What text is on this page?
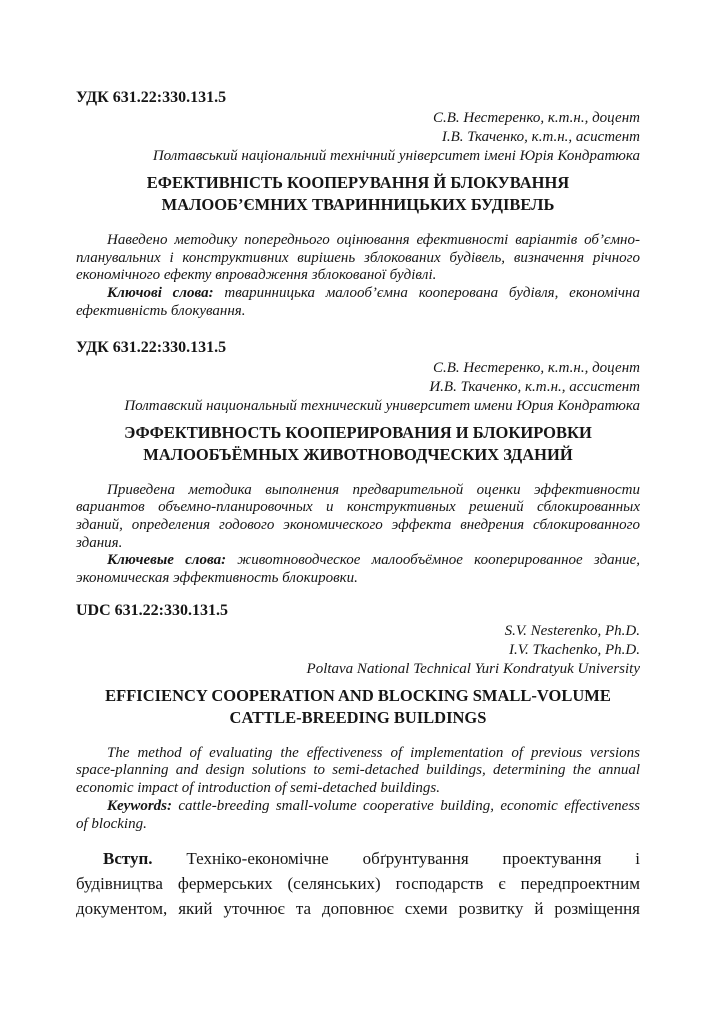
УДК 631.22:330.131.5
С.В. Нестеренко, к.т.н., доцент
І.В. Ткаченко, к.т.н., асистент
Полтавський національний технічний університет імені Юрія Кондратюка
ЕФЕКТИВНІСТЬ КООПЕРУВАННЯ Й БЛОКУВАННЯ
МАЛООБ’ЄМНИХ ТВАРИННИЦЬКИХ БУДІВЕЛЬ
Наведено методику попереднього оцінювання ефективності варіантів об’ємно-
планувальних і конструктивних вирішень зблокованих будівель, визначення річного
економічного ефекту впровадження зблокованої будівлі.
Ключові слова: тваринницька малооб’ємна кооперована будівля, економічна
ефективність блокування.
УДК 631.22:330.131.5
С.В. Нестеренко, к.т.н., доцент
И.В. Ткаченко, к.т.н., ассистент
Полтавский национальный технический университет имени Юрия Кондратюка
ЭФФЕКТИВНОСТЬ КООПЕРИРОВАНИЯ И БЛОКИРОВКИ
МАЛООБЪЁМНЫХ ЖИВОТНОВОДЧЕСКИХ ЗДАНИЙ
Приведена методика выполнения предварительной оценки эффективности
вариантов объемно-планировочных и конструктивных решений сблокированных
зданий, определения годового экономического эффекта внедрения сблокированного
здания.
Ключевые слова: животноводческое малообъёмное кооперированное здание,
экономическая эффективность блокировки.
UDC 631.22:330.131.5
S.V. Nesterenko, Ph.D.
I.V. Tkachenko, Ph.D.
Poltava National Technical Yuri Kondratyuk University
EFFICIENCY COOPERATION AND BLOCKING SMALL-VOLUME
CATTLE-BREEDING BUILDINGS
The method of evaluating the effectiveness of implementation of previous versions
space-planning and design solutions to semi-detached buildings, determining the annual
economic impact of introduction of semi-detached buildings.
Keywords: cattle-breeding small-volume cooperative building, economic effectiveness
of blocking.
Вступ. Техніко-економічне обґрунтування проектування і
будівництва фермерських (селянських) господарств є передпроектним
документом, який уточнює та доповнює схеми розвитку й розміщення
